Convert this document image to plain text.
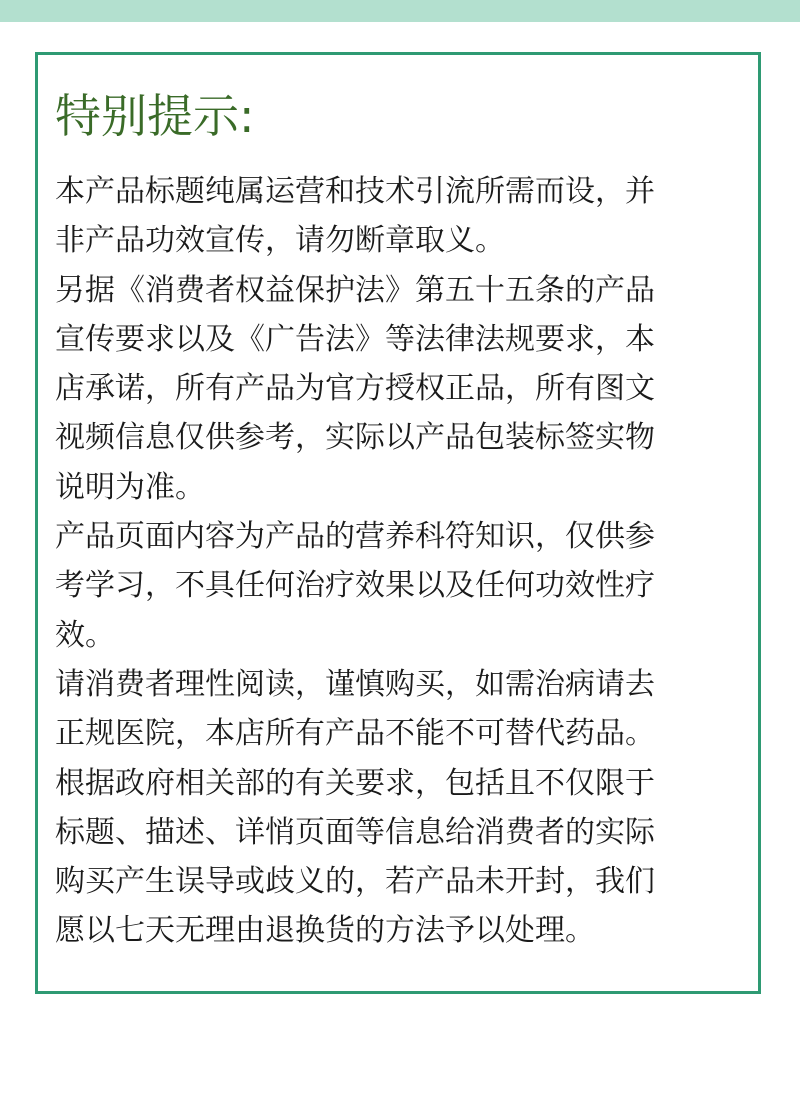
特别提示:
本产品标题纯属运营和技术引流所需而设，并
非产品功效宣传，请勿断章取义。
另据《消费者权益保护法》第五十五条的产品
宣传要求以及《广告法》等法律法规要求，本
店承诺，所有产品为官方授权正品，所有图文
视频信息仅供参考，实际以产品包装标签实物
说明为准。
产品页面内容为产品的营养科符知识，仅供参
考学习，不具任何治疗效果以及任何功效性疗
效。
请消费者理性阅读，谨慎购买，如需治病请去
正规医院，本店所有产品不能不可替代药品。
根据政府相关部的有关要求，包括且不仅限于
标题、描述、详悄页面等信息给消费者的实际
购买产生误导或歧义的，若产品未开封，我们
愿以七天无理由退换货的方法予以处理。
